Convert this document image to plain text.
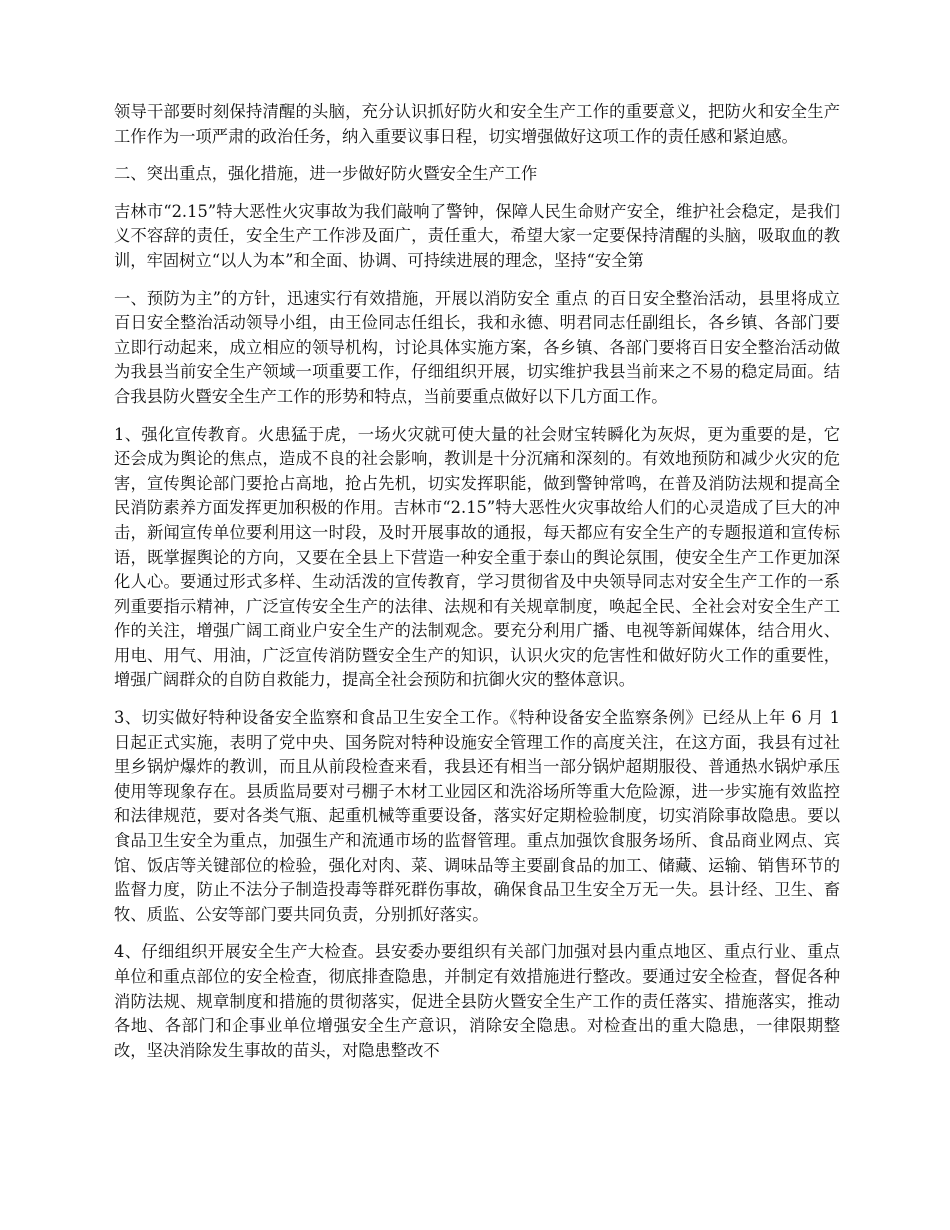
领导干部要时刻保持清醒的头脑，充分认识抓好防火和安全生产工作的重要意义，把防火和安全生产工作作为一项严肃的政治任务，纳入重要议事日程，切实增强做好这项工作的责任感和紧迫感。

二、突出重点，强化措施，进一步做好防火暨安全生产工作

吉林市“2.15”特大恶性火灾事故为我们敲响了警钟，保障人民生命财产安全，维护社会稳定，是我们义不容辞的责任，安全生产工作涉及面广，责任重大，希望大家一定要保持清醒的头脑，吸取血的教训，牢固树立“以人为本”和全面、协调、可持续进展的理念，坚持“安全第

一、预防为主”的方针，迅速实行有效措施，开展以消防安全 重点 的百日安全整治活动，县里将成立百日安全整治活动领导小组，由王俭同志任组长，我和永德、明君同志任副组长，各乡镇、各部门要立即行动起来，成立相应的领导机构，讨论具体实施方案，各乡镇、各部门要将百日安全整治活动做为我县当前安全生产领域一项重要工作，仔细组织开展，切实维护我县当前来之不易的稳定局面。结合我县防火暨安全生产工作的形势和特点，当前要重点做好以下几方面工作。

1、强化宣传教育。火患猛于虎，一场火灾就可使大量的社会财宝转瞬化为灰烬，更为重要的是，它还会成为舆论的焦点，造成不良的社会影响，教训是十分沉痛和深刻的。有效地预防和减少火灾的危害，宣传舆论部门要抢占高地，抢占先机，切实发挥职能，做到警钟常鸣，在普及消防法规和提高全民消防素养方面发挥更加积极的作用。吉林市“2.15”特大恶性火灾事故给人们的心灵造成了巨大的冲击，新闻宣传单位要利用这一时段，及时开展事故的通报，每天都应有安全生产的专题报道和宣传标语，既掌握舆论的方向，又要在全县上下营造一种安全重于泰山的舆论氛围，使安全生产工作更加深化人心。要通过形式多样、生动活泼的宣传教育，学习贯彻省及中央领导同志对安全生产工作的一系列重要指示精神，广泛宣传安全生产的法律、法规和有关规章制度，唤起全民、全社会对安全生产工作的关注，增强广阔工商业户安全生产的法制观念。要充分利用广播、电视等新闻媒体，结合用火、用电、用气、用油，广泛宣传消防暨安全生产的知识，认识火灾的危害性和做好防火工作的重要性，增强广阔群众的自防自救能力，提高全社会预防和抗御火灾的整体意识。

3、切实做好特种设备安全监察和食品卫生安全工作。《特种设备安全监察条例》已经从上年 6 月 1 日起正式实施，表明了党中央、国务院对特种设施安全管理工作的高度关注，在这方面，我县有过社里乡锅炉爆炸的教训，而且从前段检查来看，我县还有相当一部分锅炉超期服役、普通热水锅炉承压使用等现象存在。县质监局要对弓棚子木材工业园区和洗浴场所等重大危险源，进一步实施有效监控和法律规范，要对各类气瓶、起重机械等重要设备，落实好定期检验制度，切实消除事故隐患。要以食品卫生安全为重点，加强生产和流通市场的监督管理。重点加强饮食服务场所、食品商业网点、宾馆、饭店等关键部位的检验，强化对肉、菜、调味品等主要副食品的加工、储藏、运输、销售环节的监督力度，防止不法分子制造投毒等群死群伤事故，确保食品卫生安全万无一失。县计经、卫生、畜牧、质监、公安等部门要共同负责，分别抓好落实。

4、仔细组织开展安全生产大检查。县安委办要组织有关部门加强对县内重点地区、重点行业、重点单位和重点部位的安全检查，彻底排查隐患，并制定有效措施进行整改。要通过安全检查，督促各种消防法规、规章制度和措施的贯彻落实，促进全县防火暨安全生产工作的责任落实、措施落实，推动各地、各部门和企事业单位增强安全生产意识，消除安全隐患。对检查出的重大隐患，一律限期整改，坚决消除发生事故的苗头，对隐患整改不
